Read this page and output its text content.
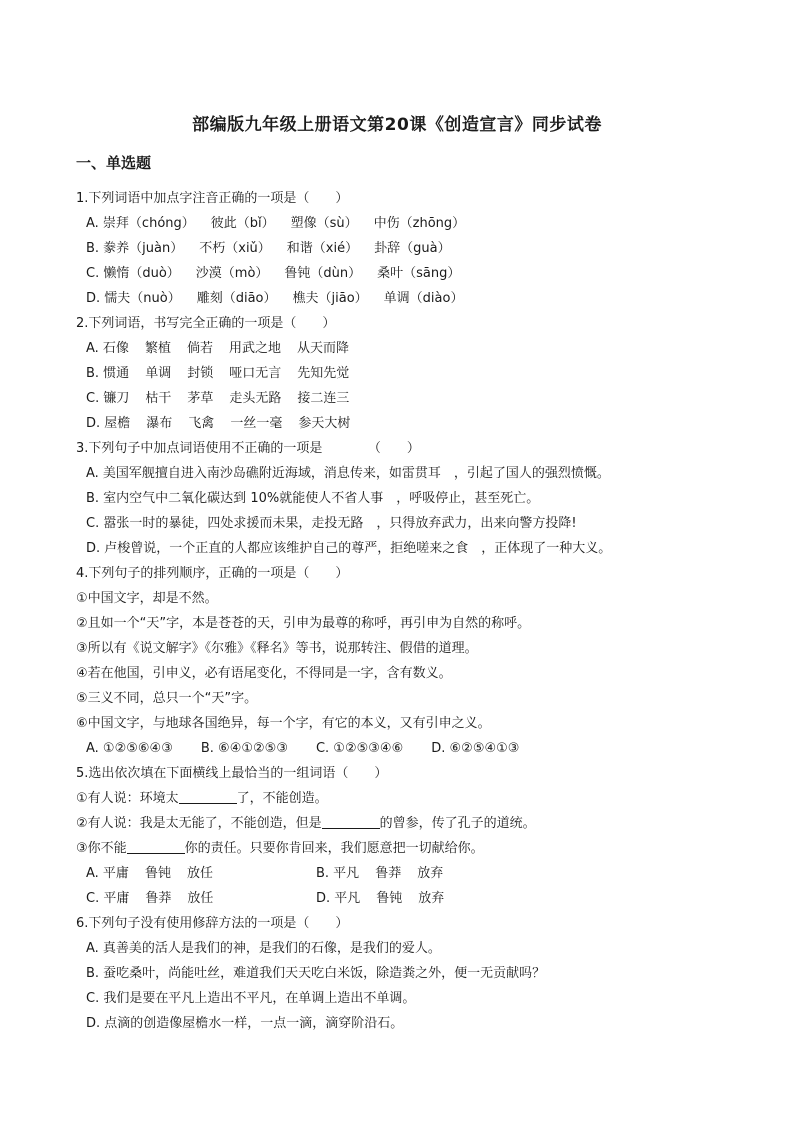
部编版九年级上册语文第20课《创造宣言》同步试卷
一、单选题
1.下列词语中加点字注音正确的一项是（　　）
A. 崇拜（chóng） 彼此（bǐ） 塑像（sù） 中伤（zhōng）
B. 豢养（juàn） 不朽（xiǔ） 和谐（xié） 卦辞（guà）
C. 懒惰（duò） 沙漠（mò） 鲁钝（dùn） 桑叶（sāng）
D. 懦夫（nuò） 雕刻（diāo） 樵夫（jiāo） 单调（diào）
2.下列词语，书写完全正确的一项是（　　）
A. 石像 繁植 倘若 用武之地 从天而降
B. 惯通 单调 封锁 哑口无言 先知先觉
C. 镰刀 枯干 茅草 走头无路 接二连三
D. 屋檐 瀑布 飞禽 一丝一毫 参天大树
3.下列句子中加点词语使用不正确的一项是　　　　（　　）
A. 美国军舰擅自进入南沙岛礁附近海域，消息传来，如雷贯耳　，引起了国人的强烈愤慨。
B. 室内空气中二氧化碳达到 10%就能使人不省人事　，呼吸停止，甚至死亡。
C. 嚣张一时的暴徒，四处求援而未果，走投无路　，只得放弃武力，出来向警方投降!
D. 卢梭曾说，一个正直的人都应该维护自己的尊严，拒绝嗟来之食　，正体现了一种大义。
4.下列句子的排列顺序，正确的一项是（　　）
①中国文字，却是不然。
②且如一个“天”字，本是苍苍的天，引申为最尊的称呼，再引申为自然的称呼。
③所以有《说文解字》《尔雅》《释名》等书，说那转注、假借的道理。
④若在他国，引申义，必有语尾变化，不得同是一字，含有数义。
⑤三义不同，总只一个“天”字。
⑥中国文字，与地球各国绝异，每一个字，有它的本义，又有引申之义。
A. ①②⑤⑥④③ B. ⑥④①②⑤③ C. ①②⑤③④⑥ D. ⑥②⑤④①③
5.选出依次填在下面横线上最恰当的一组词语（　　）
①有人说：环境太	了，不能创造。
②有人说：我是太无能了，不能创造，但是	的曾参，传了孔子的道统。
③你不能	你的责任。只要你肯回来，我们愿意把一切献给你。
A. 平庸 鲁钝 放任	B. 平凡 鲁莽 放弃
C. 平庸 鲁莽 放任	D. 平凡 鲁钝 放弃
6.下列句子没有使用修辞方法的一项是（　　）
A. 真善美的活人是我们的神，是我们的石像，是我们的爱人。
B. 蚕吃桑叶，尚能吐丝，难道我们天天吃白米饭，除造粪之外，便一无贡献吗？
C. 我们是要在平凡上造出不平凡，在单调上造出不单调。
D. 点滴的创造像屋檐水一样，一点一滴，滴穿阶沿石。
